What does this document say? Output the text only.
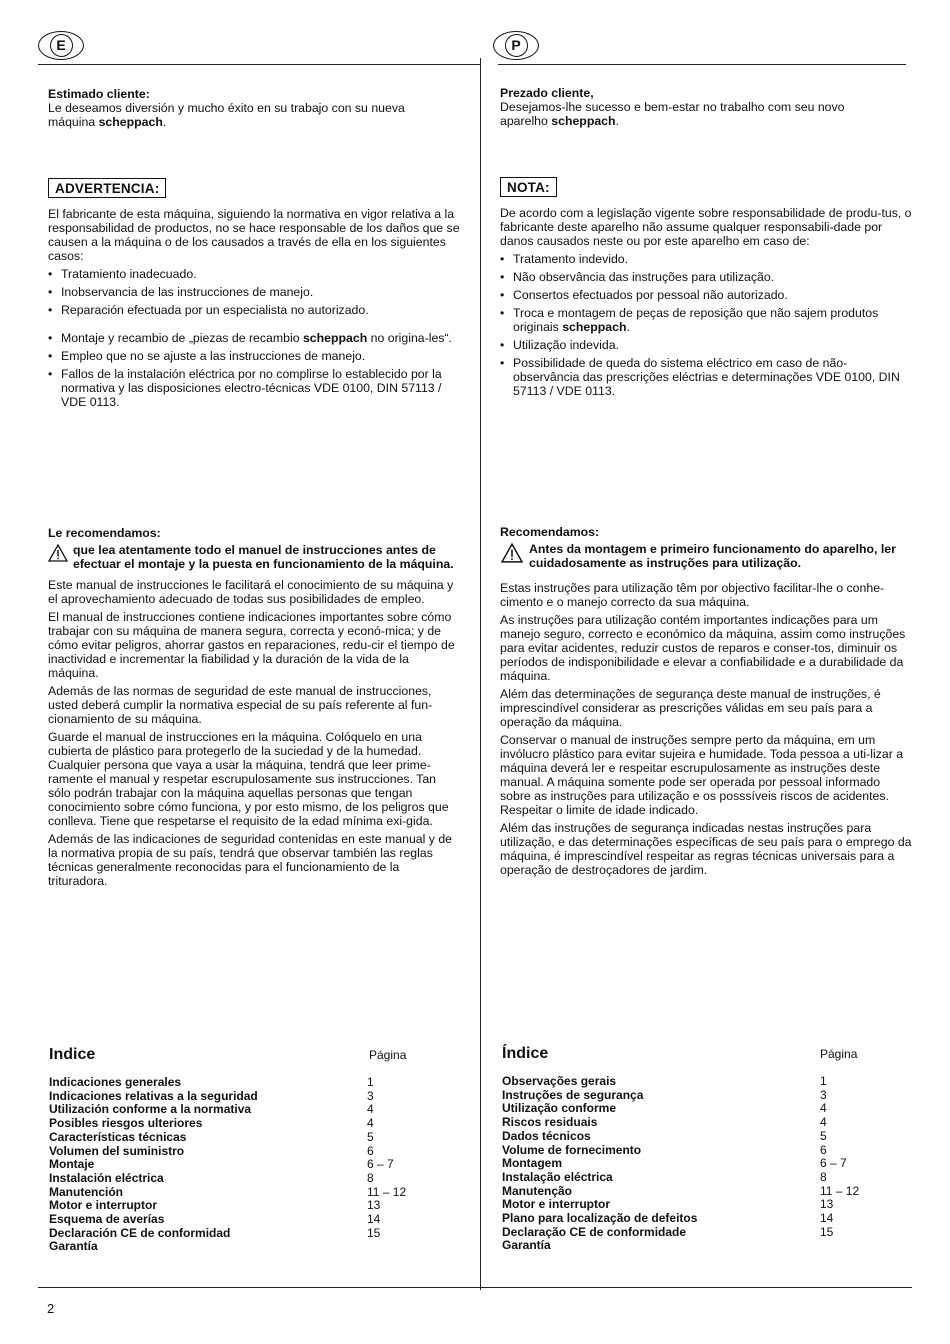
E	P

Estimado cliente:
Le deseamos diversión y mucho éxito en su trabajo con su nueva
máquina scheppach.

ADVERTENCIA:

El fabricante de esta máquina, siguiendo la normativa en vigor relativa a la responsabilidad de productos, no se hace responsable de los daños que se causen a la máquina o de los causados a través de ella en los siguientes casos:

• Tratamiento inadecuado.
• Inobservancia de las instrucciones de manejo.
• Reparación efectuada por un especialista no autorizado.
• Montaje y recambio de „piezas de recambio scheppach no origina-les“.
• Empleo que no se ajuste a las instrucciones de manejo.
• Fallos de la instalación eléctrica por no complirse lo establecido por la normativa y las disposiciones electro-técnicas VDE 0100, DIN 57113 / VDE 0113.

Le recomendamos:

que lea atentamente todo el manuel de instrucciones antes de efectuar el montaje y la puesta en funcionamiento de la máquina.

Este manual de instrucciones le facilitará el conocimiento de su máquina y el aprovechamiento adecuado de todas sus posibilidades de empleo.

El manual de instrucciones contiene indicaciones importantes sobre cómo trabajar con su máquina de manera segura, correcta y econó-mica; y de cómo evitar peligros, ahorrar gastos en reparaciones, redu-cir el tiempo de inactividad e incrementar la fiabilidad y la duración de la vida de la máquina.

Además de las normas de seguridad de este manual de instrucciones, usted deberá cumplir la normativa especial de su país referente al fun-cionamiento de su máquina.

Guarde el manual de instrucciones en la máquina. Colóquelo en una cubierta de plástico para protegerlo de la suciedad y de la humedad. Cualquier persona que vaya a usar la máquina, tendrá que leer prime-ramente el manual y respetar escrupulosamente sus instrucciones. Tan sólo podrán trabajar con la máquina aquellas personas que tengan conocimiento sobre cómo funciona, y por esto mismo, de los peligros que conlleva. Tiene que respetarse el requisito de la edad mínima exi-gida.

Además de las indicaciones de seguridad contenidas en este manual y de la normativa propia de su país, tendrá que observar también las reglas técnicas generalmente reconocidas para el funcionamiento de la trituradora.

Indice	Página
Indicaciones generales	1
Indicaciones relativas a la seguridad	3
Utilización conforme a la normativa	4
Posibles riesgos ulteriores	4
Características técnicas	5
Volumen del suministro	6
Montaje	6 – 7
Instalación eléctrica	8
Manutención	11 – 12
Motor e interruptor	13
Esquema de averías	14
Declaración CE de conformidad	15
Garantía

Prezado cliente,
Desejamos-lhe sucesso e bem-estar no trabalho com seu novo
aparelho scheppach.

NOTA:

De acordo com a legislação vigente sobre responsabilidade de produ-tus, o fabricante deste aparelho não assume qualquer responsabili-dade por danos causados neste ou por este aparelho em caso de:

• Tratamento indevido.
• Não observância das instruções para utilização.
• Consertos efectuados por pessoal não autorizado.
• Troca e montagem de peças de reposição que não sajem produtos originais scheppach.
• Utilização indevida.
• Possibilidade de queda do sistema eléctrico em caso de não-observância das prescrições eléctrias e determinações VDE 0100, DIN 57113 / VDE 0113.

Recomendamos:

Antes da montagem e primeiro funcionamento do aparelho, ler cuidadosamente as instruções para utilização.

Estas instruções para utilização têm por objectivo facilitar-lhe o conhe-cimento e o manejo correcto da sua máquina.

As instruções para utilização contém importantes indicações para um manejo seguro, correcto e económico da máquina, assim como instruções para evitar acidentes, reduzir custos de reparos e conser-tos, diminuir os períodos de indisponibilidade e elevar a confiabilidade e a durabilidade da máquina.

Além das determinações de segurança deste manual de instruções, é imprescindível considerar as prescrições válidas em seu país para a operação da máquina.

Conservar o manual de instruções sempre perto da máquina, em um invólucro plástico para evitar sujeira e humidade. Toda pessoa a uti-lizar a máquina deverá ler e respeitar escrupulosamente as instruções deste manual. A máquina somente pode ser operada por pessoal informado sobre as instruções para utilização e os posssíveis riscos de acidentes. Respeitar o limite de idade indicado.

Além das instruções de segurança indicadas nestas instruções para utilização, e das determinações específicas de seu país para o emprego da máquina, é imprescindível respeitar as regras técnicas universais para a operação de destroçadores de jardim.

Índice	Página
Observações gerais	1
Instruções de segurança	3
Utilização conforme	4
Riscos residuais	4
Dados técnicos	5
Volume de fornecimento	6
Montagem	6 – 7
Instalação eléctrica	8
Manutenção	11 – 12
Motor e interruptor	13
Plano para localização de defeitos	14
Declaração CE de conformidade	15
Garantía
2
